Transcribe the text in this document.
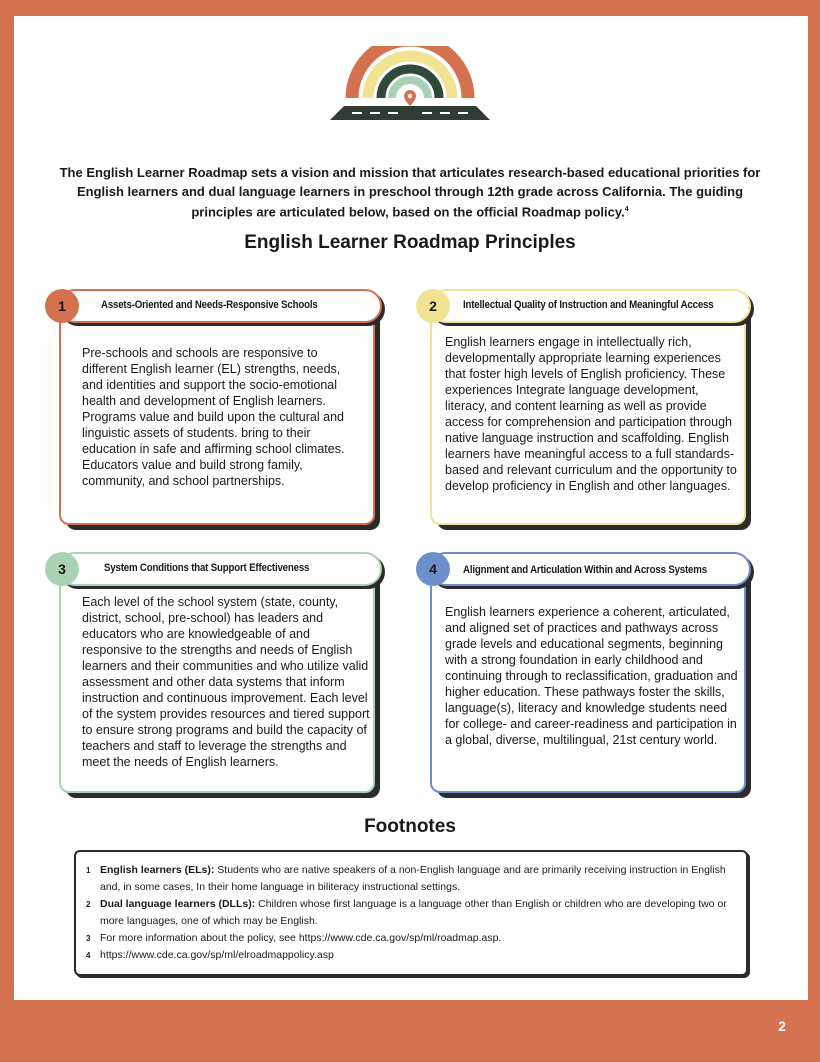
The English Learner Roadmap sets a vision and mission that articulates research-based educational priorities for English learners and dual language learners in preschool through 12th grade across California. The guiding principles are articulated below, based on the official Roadmap policy.$^4$
English Learner Roadmap Principles
1	Assets-Oriented and Needs-Responsive Schools
Pre-schools and schools are responsive to different English learner (EL) strengths, needs, and identities and support the socio-emotional health and development of English learners. Programs value and build upon the cultural and linguistic assets of students. bring to their education in safe and affirming school climates. Educators value and build strong family, community, and school partnerships.
2	Intellectual Quality of Instruction and Meaningful Access
English learners engage in intellectually rich, developmentally appropriate learning experiences that foster high levels of English proficiency. These experiences Integrate language development, literacy, and content learning as well as provide access for comprehension and participation through native language instruction and scaffolding. English learners have meaningful access to a full standards-based and relevant curriculum and the opportunity to develop proficiency in English and other languages.
3	System Conditions that Support Effectiveness
Each level of the school system (state, county, district, school, pre-school) has leaders and educators who are knowledgeable of and responsive to the strengths and needs of English learners and their communities and who utilize valid assessment and other data systems that inform instruction and continuous improvement. Each level of the system provides resources and tiered support to ensure strong programs and build the capacity of teachers and staff to leverage the strengths and meet the needs of English learners.
4	Alignment and Articulation Within and Across Systems
English learners experience a coherent, articulated, and aligned set of practices and pathways across grade levels and educational segments, beginning with a strong foundation in early childhood and continuing through to reclassification, graduation and higher education. These pathways foster the skills, language(s), literacy and knowledge students need for college- and career-readiness and participation in a global, diverse, multilingual, 21st century world.
Footnotes
1 English learners (ELs): Students who are native speakers of a non-English language and are primarily receiving instruction in English and, in some cases, In their home language in biliteracy instructional settings.
2 Dual language learners (DLLs): Children whose first language is a language other than English or children who are developing two or more languages, one of which may be English.
3 For more information about the policy, see https://www.cde.ca.gov/sp/ml/roadmap.asp.
4 https://www.cde.ca.gov/sp/ml/elroadmappolicy.asp
2
